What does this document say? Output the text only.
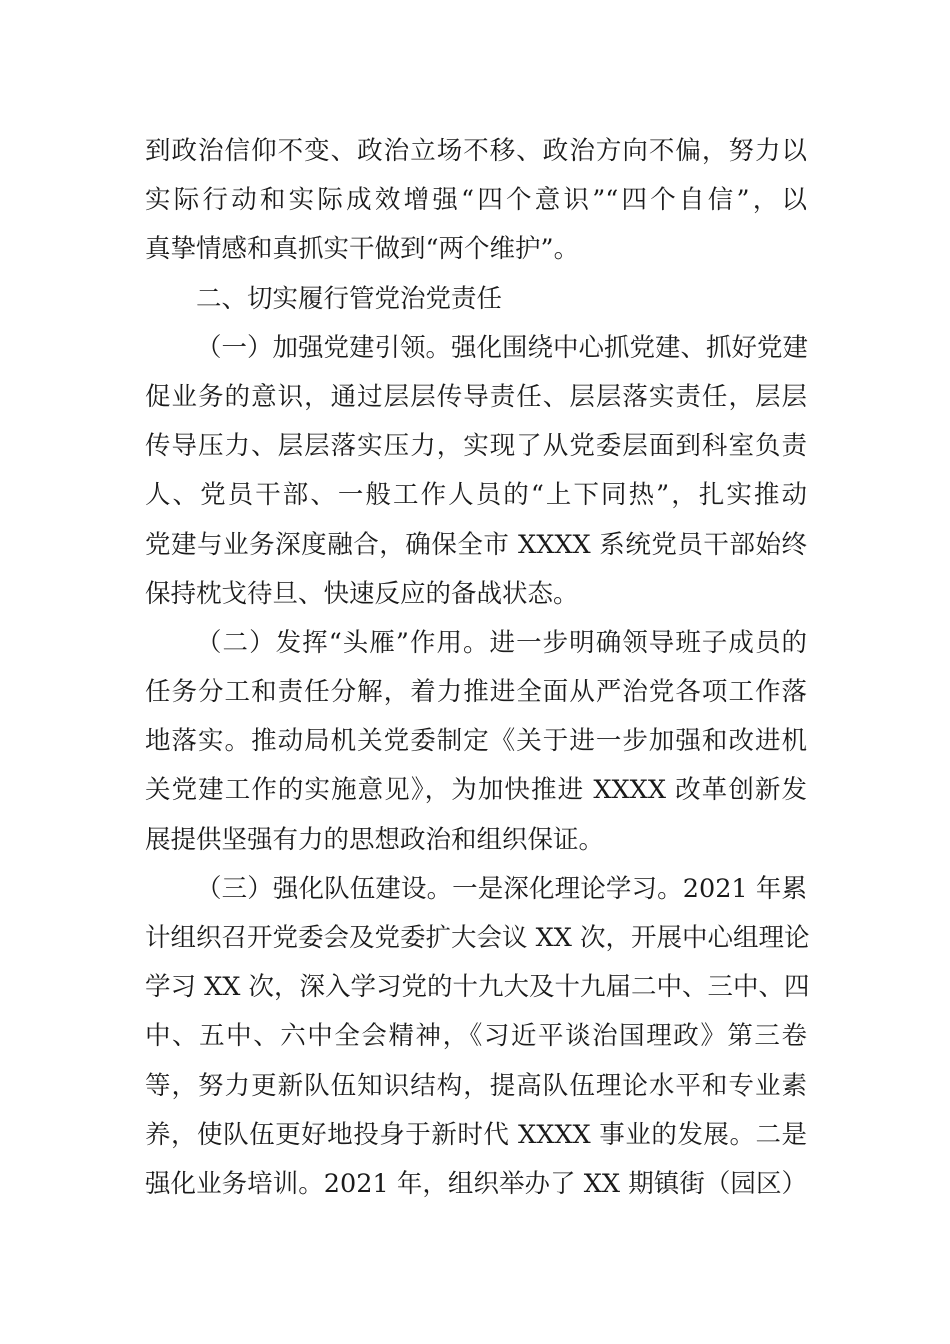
到政治信仰不变、政治立场不移、政治方向不偏，努力以
实际行动和实际成效增强“四个意识”“四个自信”，以
真挚情感和真抓实干做到“两个维护”。
二、切实履行管党治党责任
（一）加强党建引领。强化围绕中心抓党建、抓好党建
促业务的意识，通过层层传导责任、层层落实责任，层层
传导压力、层层落实压力，实现了从党委层面到科室负责
人、党员干部、一般工作人员的“上下同热”，扎实推动
党建与业务深度融合，确保全市 XXXX 系统党员干部始终
保持枕戈待旦、快速反应的备战状态。
（二）发挥“头雁”作用。进一步明确领导班子成员的
任务分工和责任分解，着力推进全面从严治党各项工作落
地落实。推动局机关党委制定《关于进一步加强和改进机
关党建工作的实施意见》，为加快推进 XXXX 改革创新发
展提供坚强有力的思想政治和组织保证。
（三）强化队伍建设。一是深化理论学习。2021 年累
计组织召开党委会及党委扩大会议 XX 次，开展中心组理论
学习 XX 次，深入学习党的十九大及十九届二中、三中、四
中、五中、六中全会精神，《习近平谈治国理政》第三卷
等，努力更新队伍知识结构，提高队伍理论水平和专业素
养，使队伍更好地投身于新时代 XXXX 事业的发展。二是
强化业务培训。2021 年，组织举办了 XX 期镇街（园区）
